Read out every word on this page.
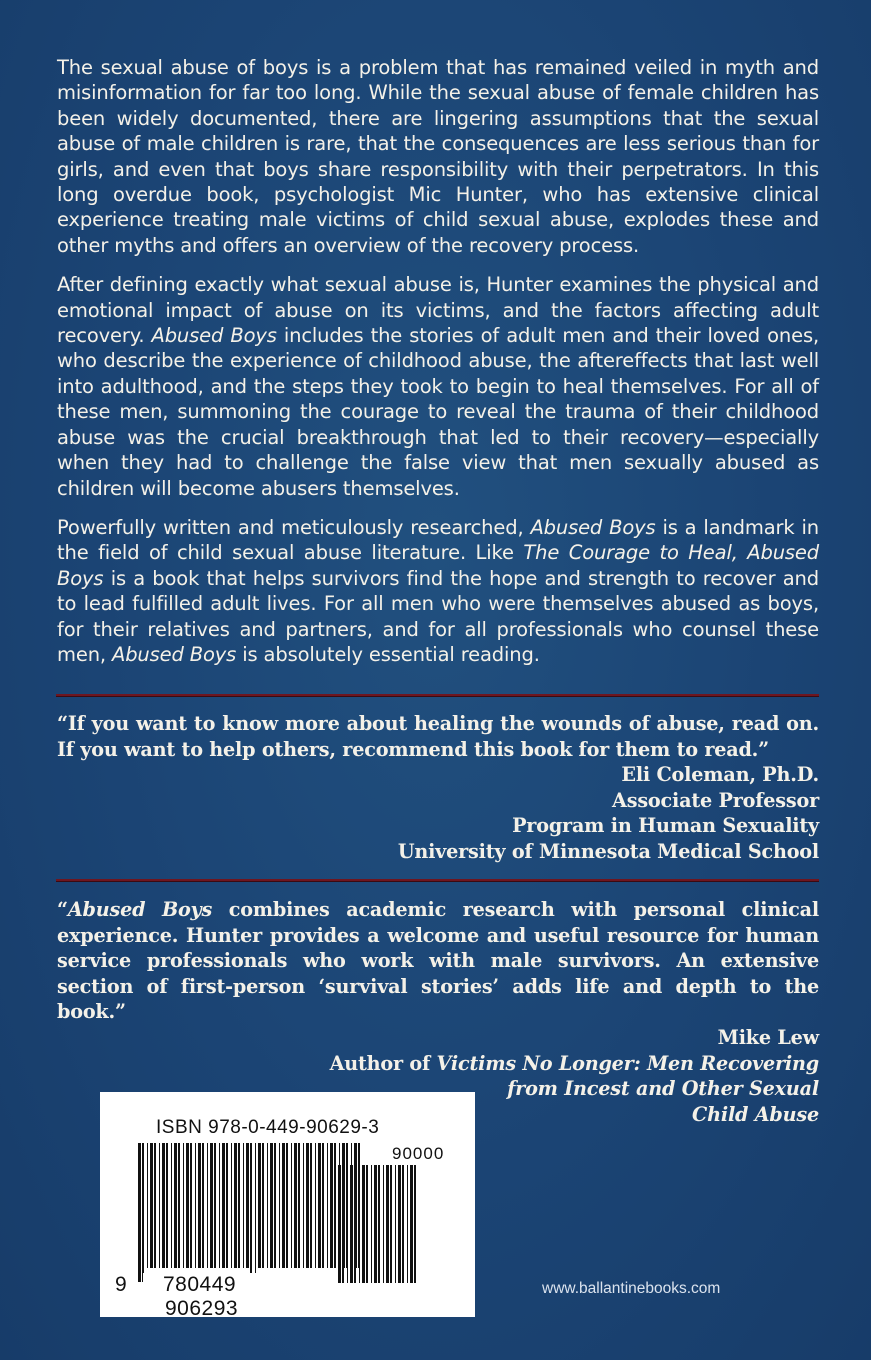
The sexual abuse of boys is a problem that has remained veiled in myth and misinformation for far too long. While the sexual abuse of female children has been widely documented, there are lingering assumptions that the sexual abuse of male children is rare, that the consequences are less serious than for girls, and even that boys share responsibility with their perpetrators. In this long overdue book, psychologist Mic Hunter, who has extensive clinical experience treating male victims of child sexual abuse, explodes these and other myths and offers an overview of the recovery process.

After defining exactly what sexual abuse is, Hunter examines the physical and emotional impact of abuse on its victims, and the factors affecting adult recovery. Abused Boys includes the stories of adult men and their loved ones, who describe the experience of childhood abuse, the aftereffects that last well into adulthood, and the steps they took to begin to heal themselves. For all of these men, summoning the courage to reveal the trauma of their childhood abuse was the crucial breakthrough that led to their recovery—especially when they had to challenge the false view that men sexually abused as children will become abusers themselves.

Powerfully written and meticulously researched, Abused Boys is a landmark in the field of child sexual abuse literature. Like The Courage to Heal, Abused Boys is a book that helps survivors find the hope and strength to recover and to lead fulfilled adult lives. For all men who were themselves abused as boys, for their relatives and partners, and for all professionals who counsel these men, Abused Boys is absolutely essential reading.

“If you want to know more about healing the wounds of abuse, read on. If you want to help others, recommend this book for them to read.”
Eli Coleman, Ph.D.
Associate Professor
Program in Human Sexuality
University of Minnesota Medical School
“Abused Boys combines academic research with personal clinical experience. Hunter provides a welcome and useful resource for human service professionals who work with male survivors. An extensive section of first-person ‘survival stories’ adds life and depth to the book.”
Mike Lew
Author of Victims No Longer: Men Recovering
from Incest and Other Sexual
Child Abuse
ISBN 978-0-449-90629-3
90000
9 780449 906293
www.ballantinebooks.com
